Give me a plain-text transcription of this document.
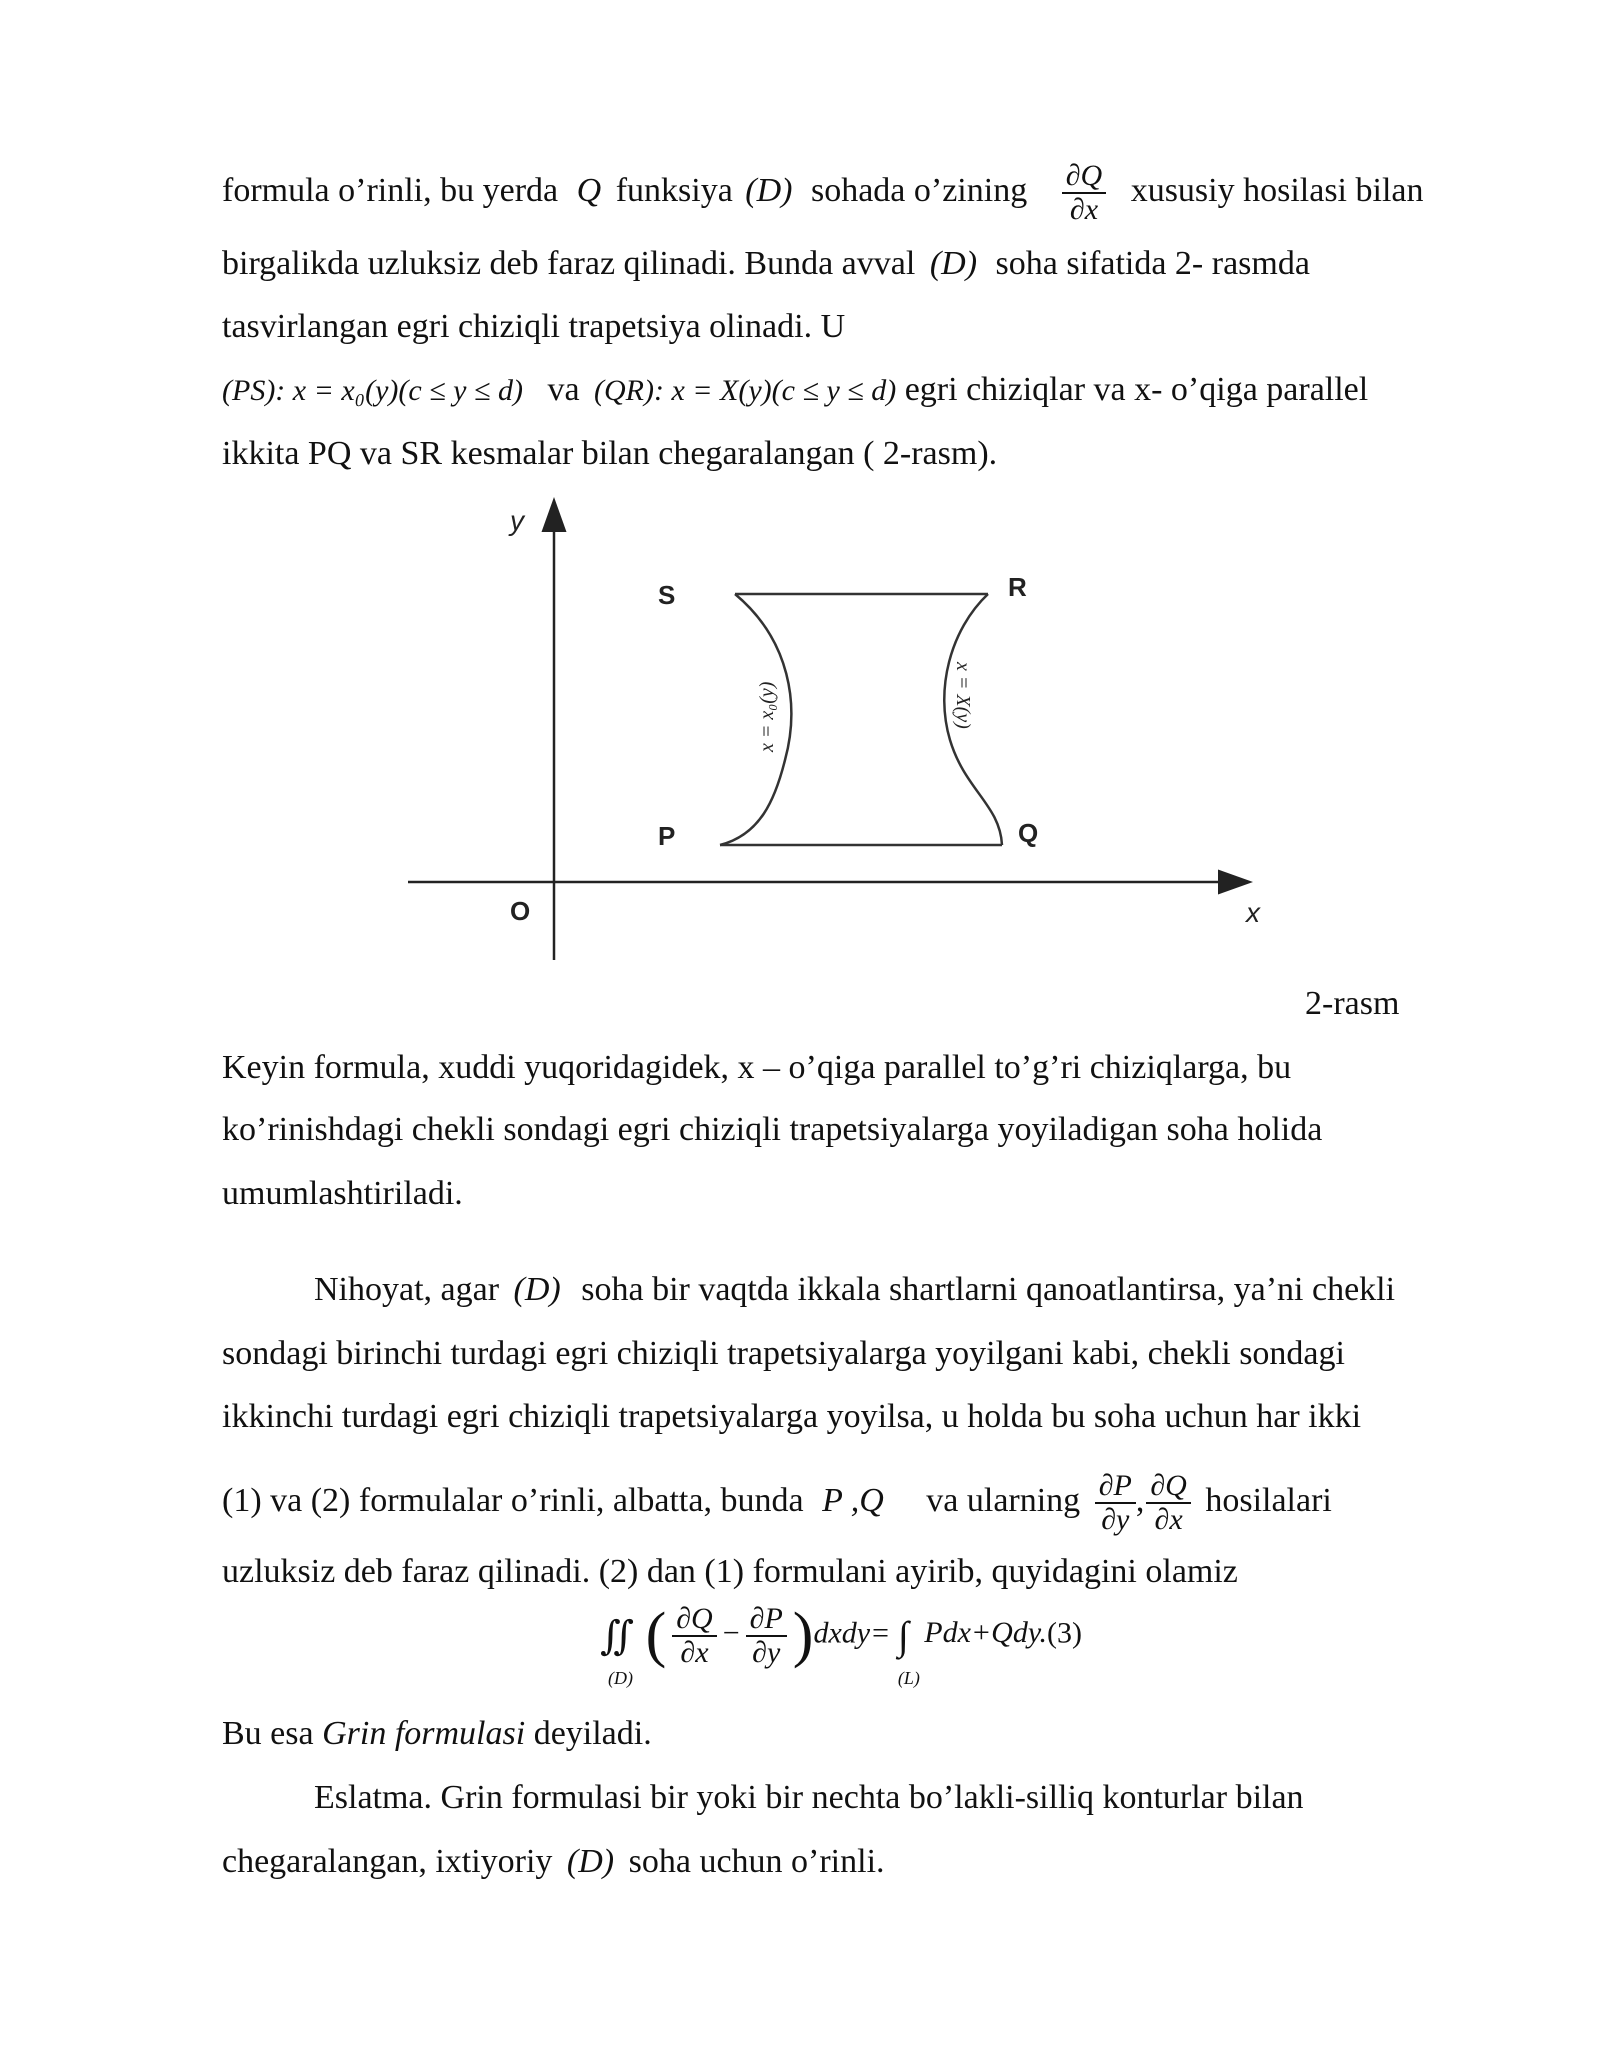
formula o’rinli, bu yerda Q funksiya (D) sohada o’zining $\frac{\partial Q}{\partial x}$ xususiy hosilasi bilan
birgalikda uzluksiz deb faraz qilinadi. Bunda avval (D) soha sifatida 2- rasmda
tasvirlangan egri chiziqli trapetsiya olinadi. U
(PS): x = x₀(y)(c ≤ y ≤ d) va (QR): x = X(y)(c ≤ y ≤ d) egri chiziqlar va x- o’qiga parallel
ikkita PQ va SR kesmalar bilan chegaralangan ( 2-rasm).
y
x
O
S	R
P	Q
x = x₀(y)	x = X(y)
2-rasm
Keyin formula, xuddi yuqoridagidek, x – o’qiga parallel to’g’ri chiziqlarga, bu
ko’rinishdagi chekli sondagi egri chiziqli trapetsiyalarga yoyiladigan soha holida
umumlashtiriladi.
Nihoyat, agar (D) soha bir vaqtda ikkala shartlarni qanoatlantirsa, ya’ni chekli
sondagi birinchi turdagi egri chiziqli trapetsiyalarga yoyilgani kabi, chekli sondagi
ikkinchi turdagi egri chiziqli trapetsiyalarga yoyilsa, u holda bu soha uchun har ikki
(1) va (2) formulalar o’rinli, albatta, bunda P ,Q va ularning $\frac{\partial P}{\partial y}$ , $\frac{\partial Q}{\partial x}$ hosilalari
uzluksiz deb faraz qilinadi. (2) dan (1) formulani ayirib, quyidagini olamiz
∬
(D)
( $\frac{\partial Q}{\partial x} - \frac{\partial P}{\partial y}$ )dxdy= ∫
(L)
Pdx+Qdy.(3)
Bu esa Grin formulasi deyiladi.
Eslatma. Grin formulasi bir yoki bir nechta bo’lakli-silliq konturlar bilan
chegaralangan, ixtiyoriy (D) soha uchun o’rinli.
